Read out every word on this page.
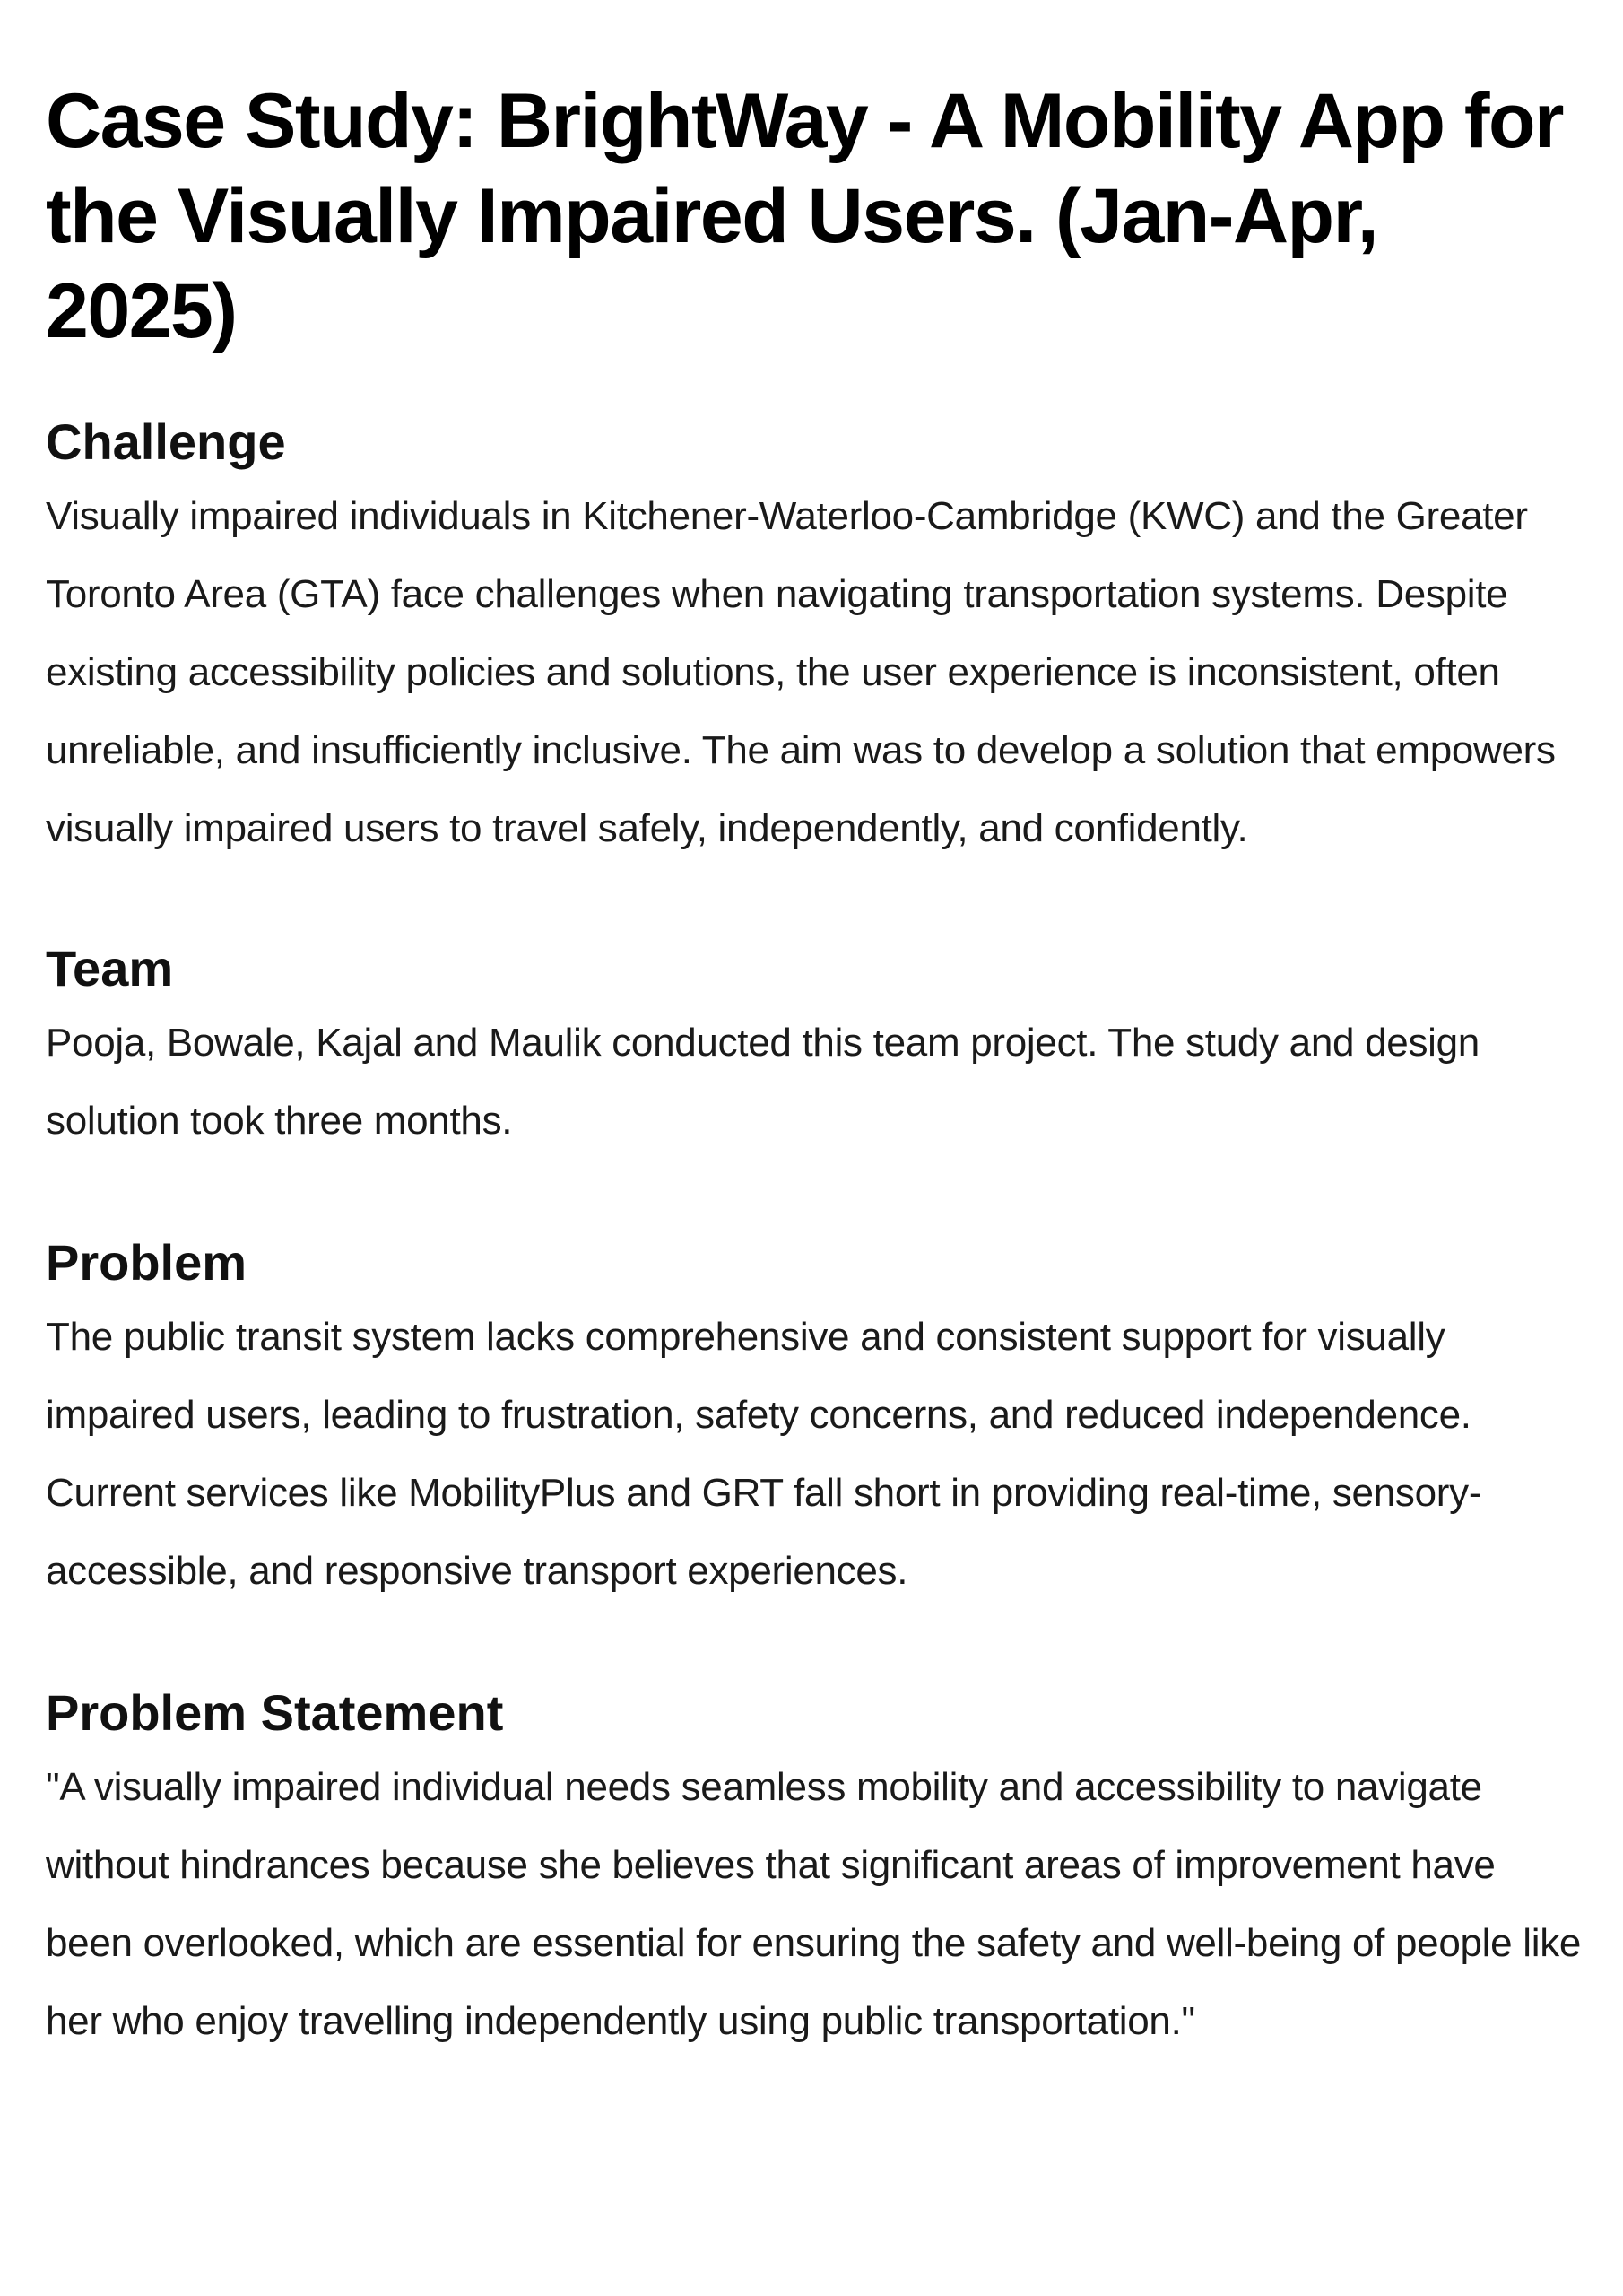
Case Study: BrightWay - A Mobility App for the Visually Impaired Users. (Jan-Apr, 2025)
Challenge

Visually impaired individuals in Kitchener-Waterloo-Cambridge (KWC) and the Greater Toronto Area (GTA) face challenges when navigating transportation systems. Despite existing accessibility policies and solutions, the user experience is inconsistent, often unreliable, and insufficiently inclusive. The aim was to develop a solution that empowers visually impaired users to travel safely, independently, and confidently.

Team

Pooja, Bowale, Kajal and Maulik conducted this team project. The study and design solution took three months.

Problem

The public transit system lacks comprehensive and consistent support for visually impaired users, leading to frustration, safety concerns, and reduced independence. Current services like MobilityPlus and GRT fall short in providing real-time, sensory-accessible, and responsive transport experiences.

Problem Statement

"A visually impaired individual needs seamless mobility and accessibility to navigate without hindrances because she believes that significant areas of improvement have been overlooked, which are essential for ensuring the safety and well-being of people like her who enjoy travelling independently using public transportation."
